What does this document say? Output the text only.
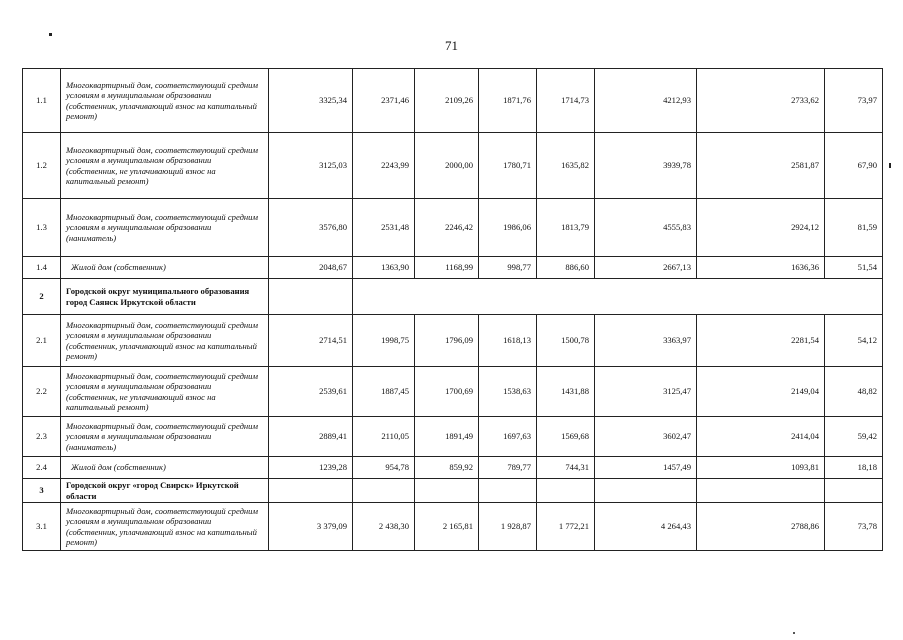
71
1.1	Многоквартирный дом, соответствующий средним условиям в муниципальном образовании (собственник, уплачивающий взнос на капитальный ремонт)	3325,34	2371,46	2109,26	1871,76	1714,73	4212,93	2733,62	73,97
1.2	Многоквартирный дом, соответствующий средним условиям в муниципальном образовании (собственник, не уплачивающий взнос на капитальный ремонт)	3125,03	2243,99	2000,00	1780,71	1635,82	3939,78	2581,87	67,90
1.3	Многоквартирный дом, соответствующий средним условиям в муниципальном образовании (наниматель)	3576,80	2531,48	2246,42	1986,06	1813,79	4555,83	2924,12	81,59
1.4	Жилой дом (собственник)	2048,67	1363,90	1168,99	998,77	886,60	2667,13	1636,36	51,54
2	Городской округ муниципального образования город Саянск Иркутской области								
2.1	Многоквартирный дом, соответствующий средним условиям в муниципальном образовании (собственник, уплачивающий взнос на капитальный ремонт)	2714,51	1998,75	1796,09	1618,13	1500,78	3363,97	2281,54	54,12
2.2	Многоквартирный дом, соответствующий средним условиям в муниципальном образовании (собственник, не уплачивающий взнос на капитальный ремонт)	2539,61	1887,45	1700,69	1538,63	1431,88	3125,47	2149,04	48,82
2.3	Многоквартирный дом, соответствующий средним условиям в муниципальном образовании (наниматель)	2889,41	2110,05	1891,49	1697,63	1569,68	3602,47	2414,04	59,42
2.4	Жилой дом (собственник)	1239,28	954,78	859,92	789,77	744,31	1457,49	1093,81	18,18
3	Городской округ «город Свирск» Иркутской области								
3.1	Многоквартирный дом, соответствующий средним условиям в муниципальном образовании (собственник, уплачивающий взнос на капитальный ремонт)	3 379,09	2 438,30	2 165,81	1 928,87	1 772,21	4 264,43	2788,86	73,78
